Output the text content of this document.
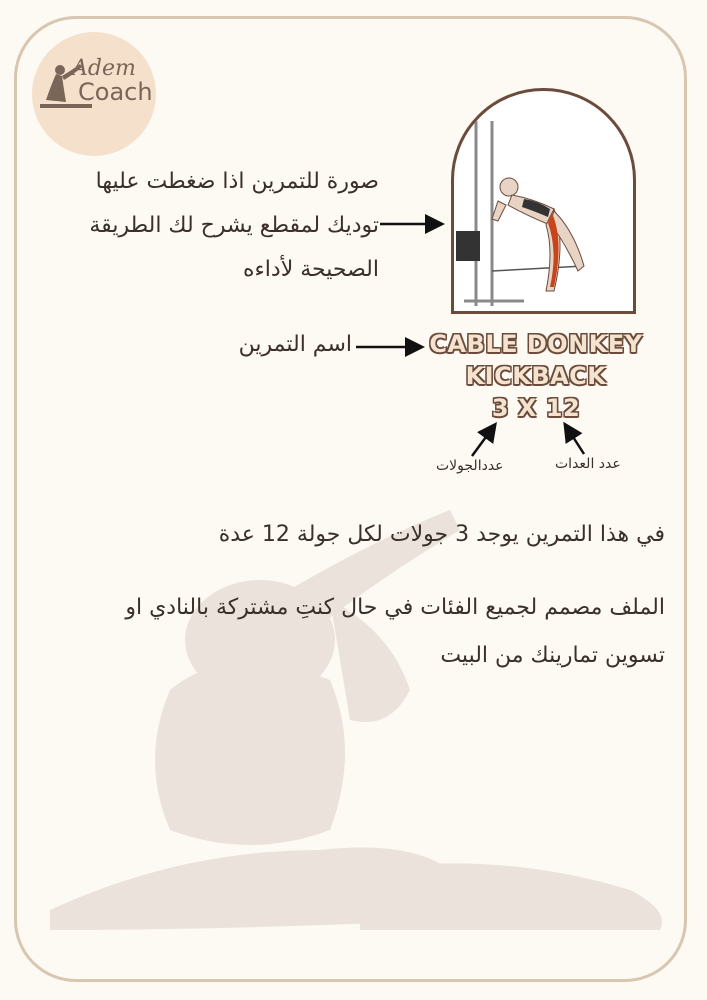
Adem
Coach
صورة للتمرين اذا ضغطت عليها توديك لمقطع يشرح لك الطريقة الصحيحة لأداءه
اسم التمرين	CABLE DONKEY KICKBACK
3 X 12
عدد العدات
عددالجولات
في هذا التمرين يوجد 3 جولات لكل جولة 12 عدة
الملف مصمم لجميع الفئات في حال كنتِ مشتركة بالنادي او تسوين تمارينك من البيت
